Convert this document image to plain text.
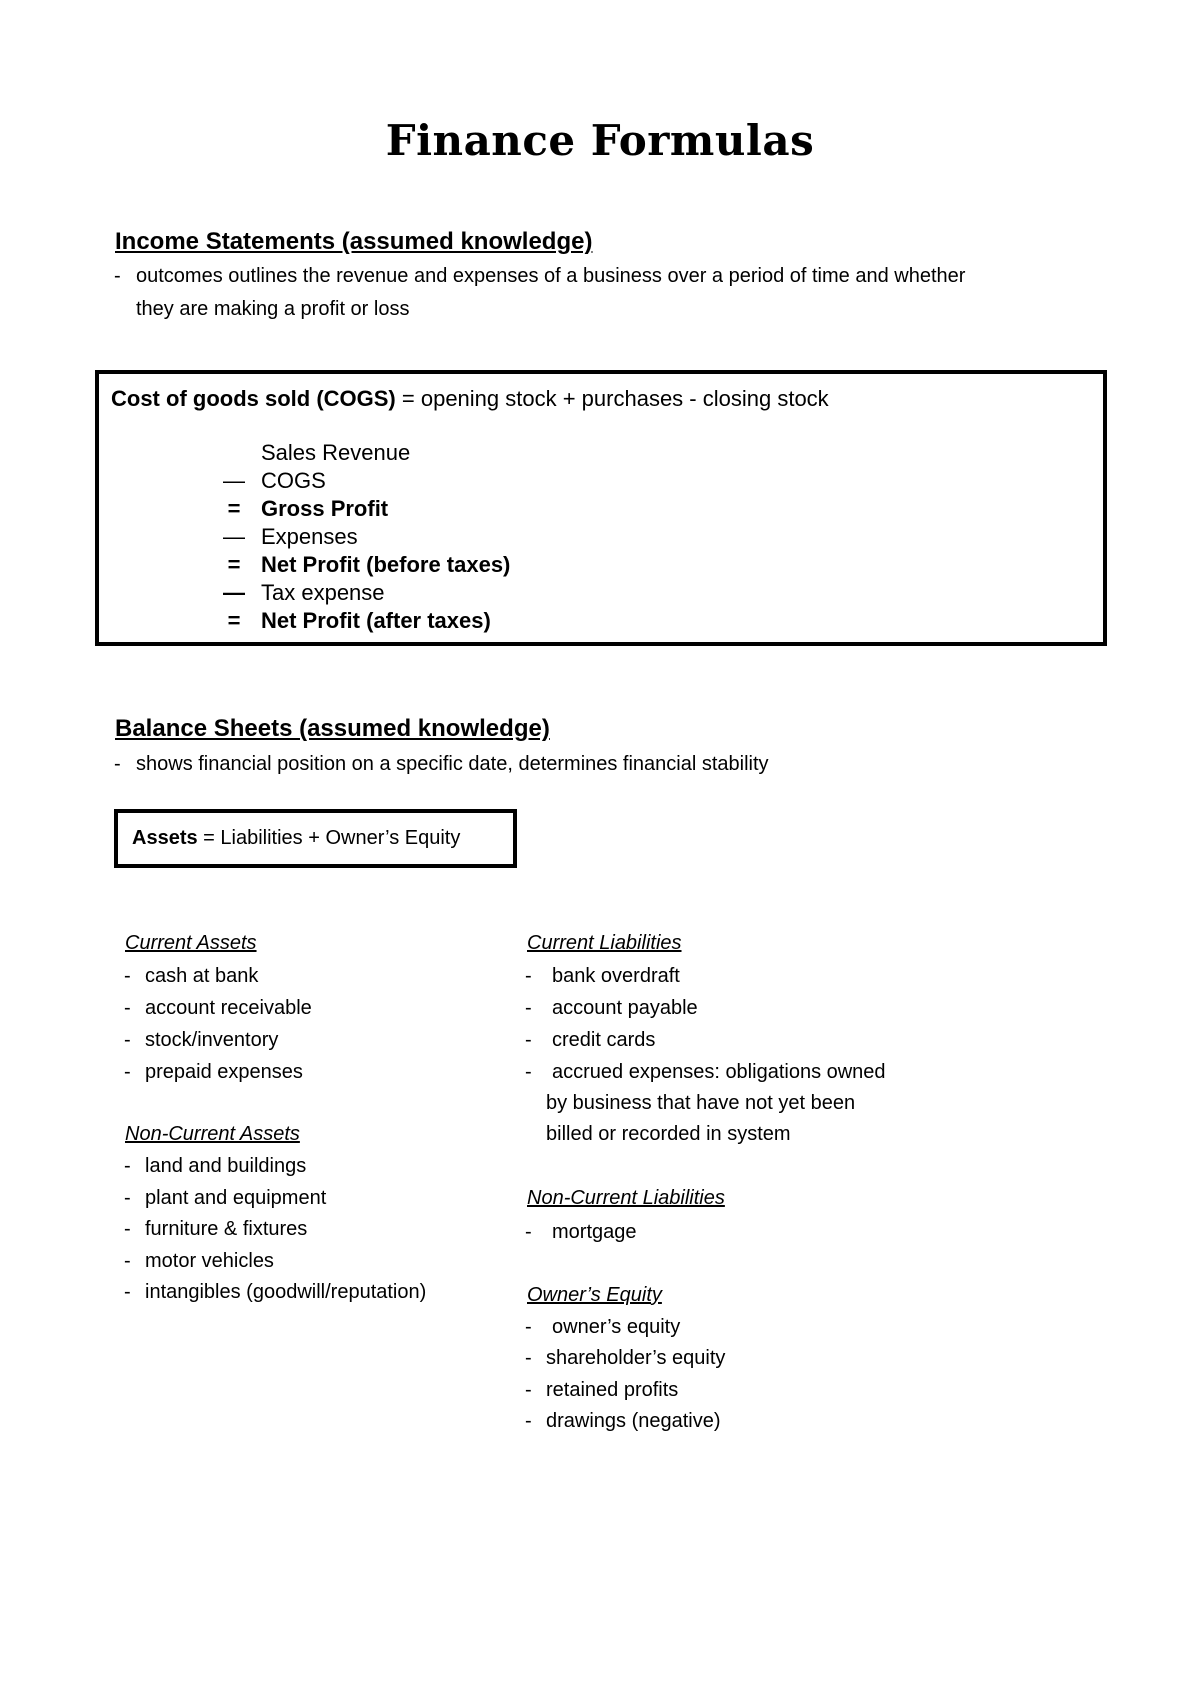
Finance Formulas
Income Statements (assumed knowledge)
- outcomes outlines the revenue and expenses of a business over a period of time and whether
they are making a profit or loss
Cost of goods sold (COGS) = opening stock + purchases - closing stock
Sales Revenue
— COGS
= Gross Profit
— Expenses
= Net Profit (before taxes)
— Tax expense
= Net Profit (after taxes)
Balance Sheets (assumed knowledge)
- shows financial position on a specific date, determines financial stability
Assets = Liabilities + Owner’s Equity
Current Assets
- cash at bank
- account receivable
- stock/inventory
- prepaid expenses
Non-Current Assets
- land and buildings
- plant and equipment
- furniture & fixtures
- motor vehicles
- intangibles (goodwill/reputation)
Current Liabilities
- bank overdraft
- account payable
- credit cards
- accrued expenses: obligations owned
by business that have not yet been
billed or recorded in system
Non-Current Liabilities
- mortgage
Owner’s Equity
- owner’s equity
- shareholder’s equity
- retained profits
- drawings (negative)
